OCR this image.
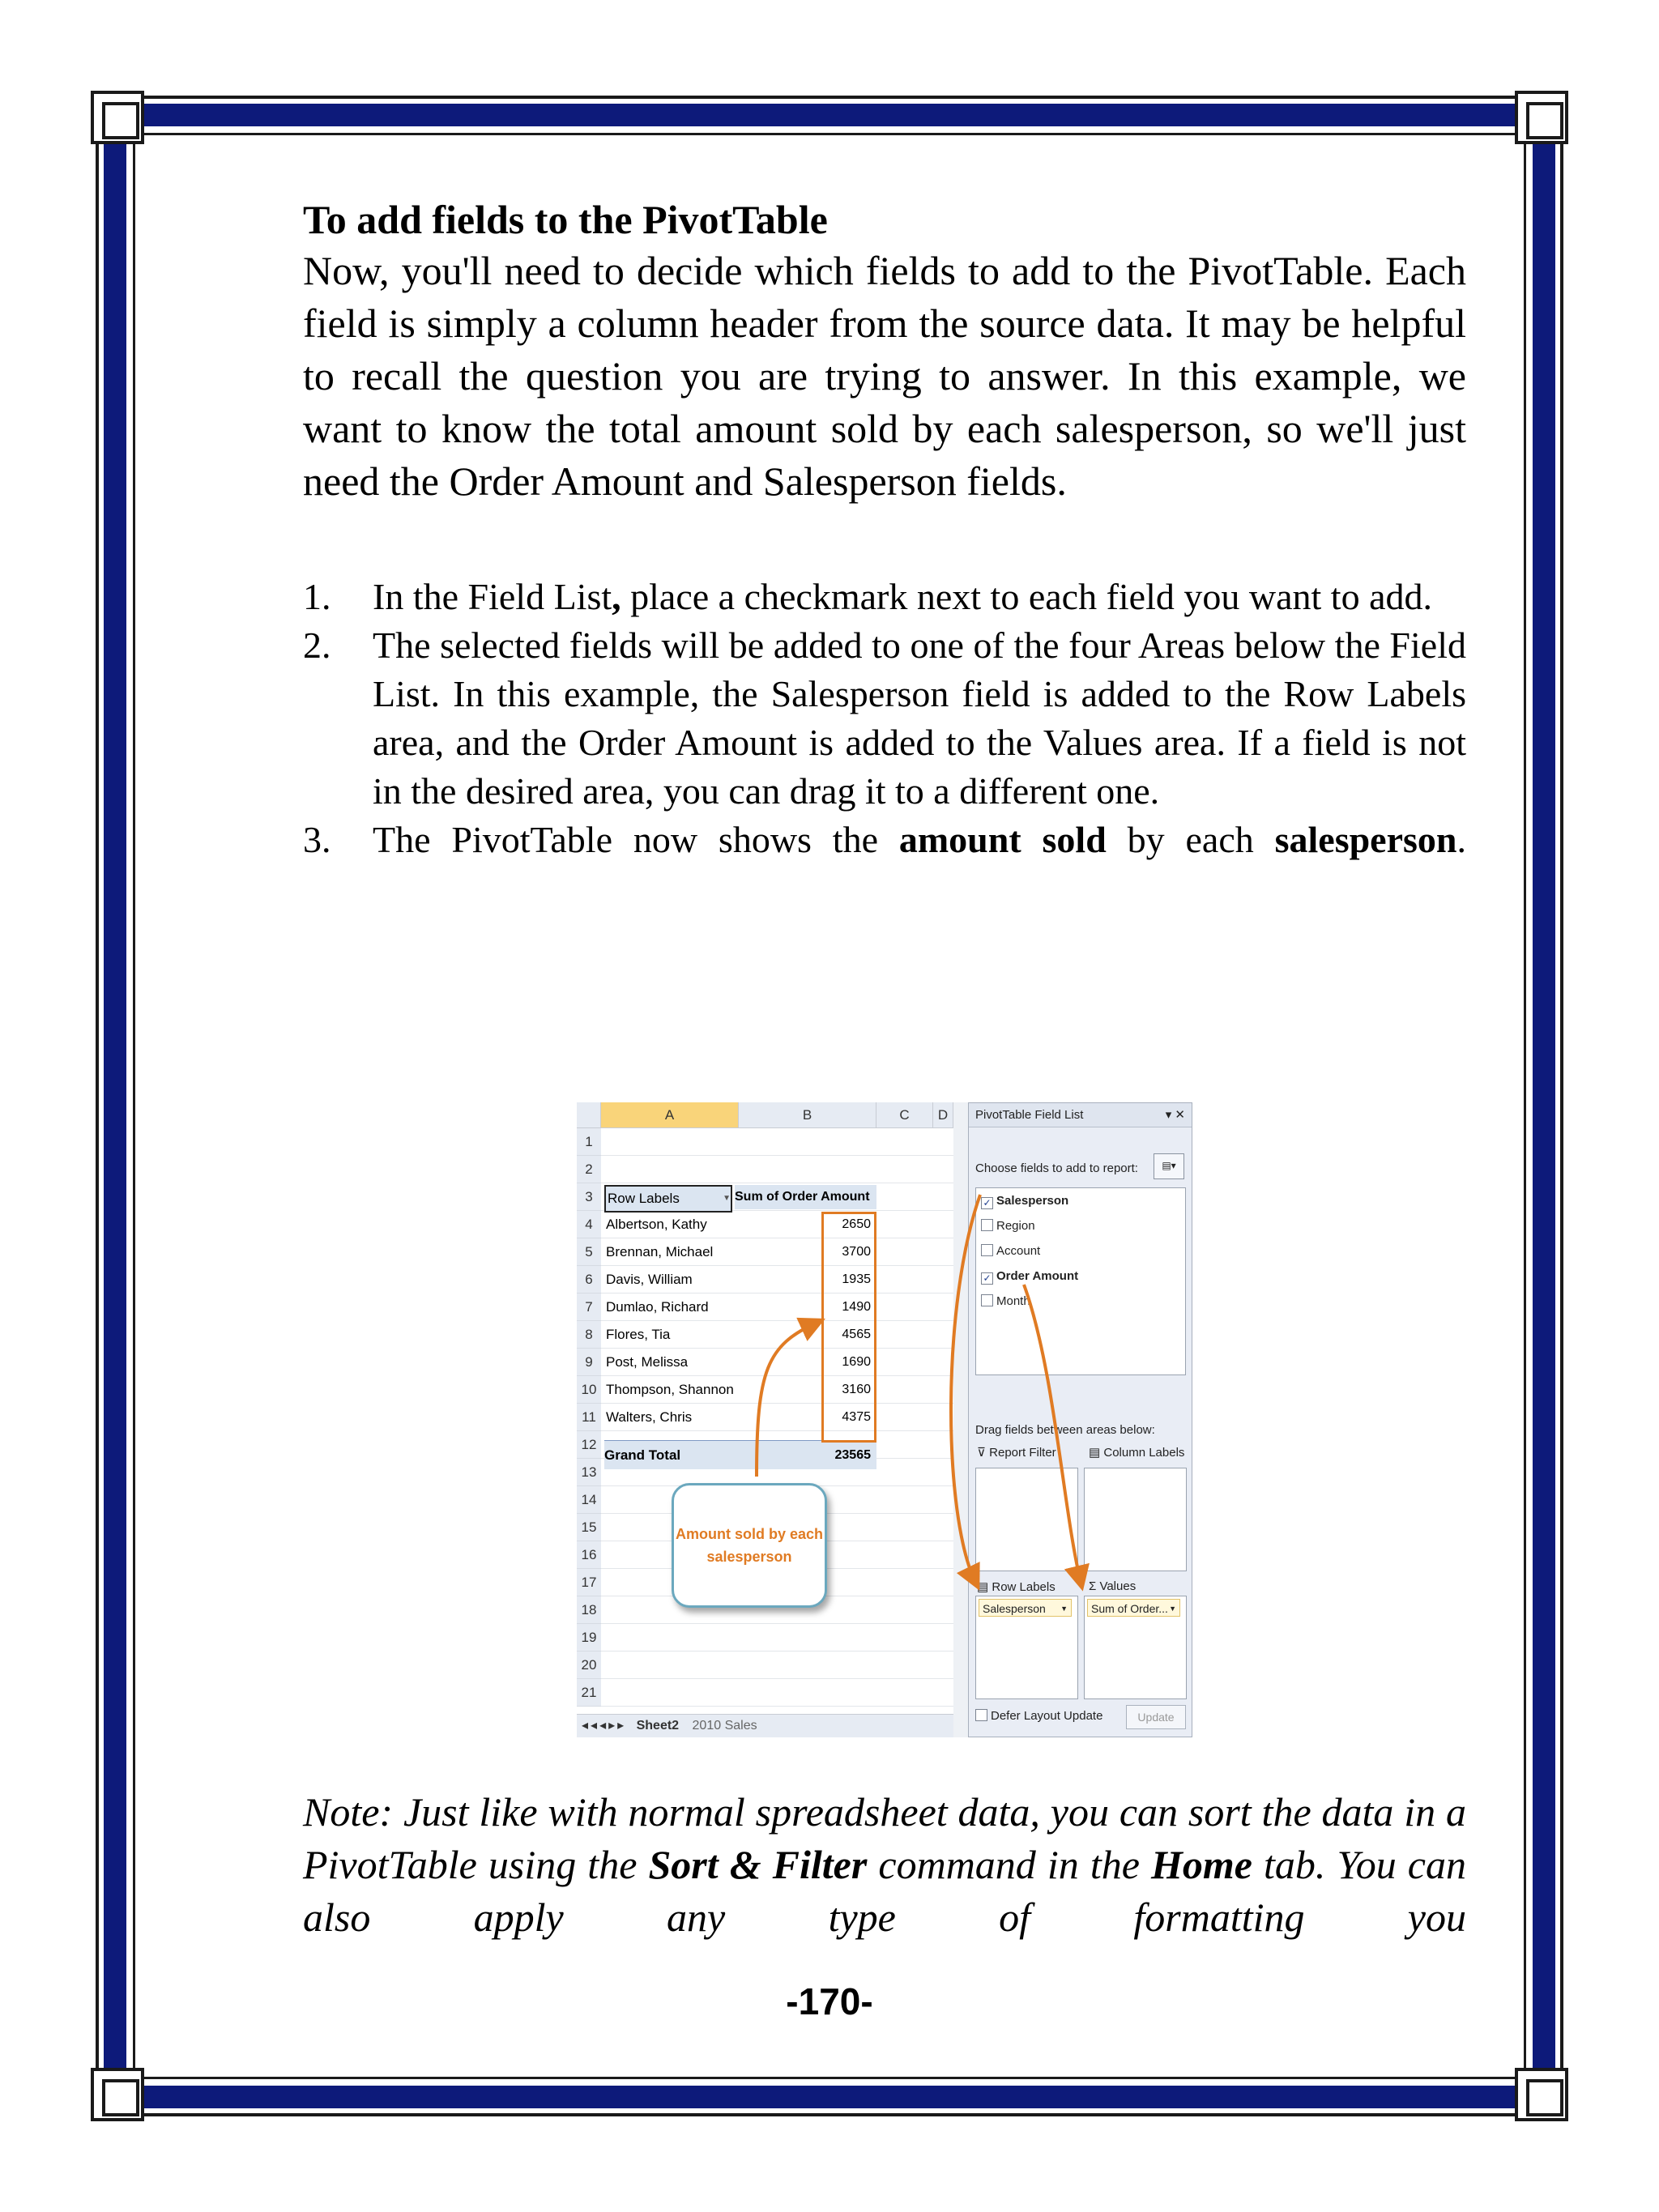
To add fields to the PivotTable

Now, you'll need to decide which fields to add to the PivotTable. Each field is simply a column header from the source data. It may be helpful to recall the question you are trying to answer. In this example, we want to know the total amount sold by each salesperson, so we'll just need the Order Amount and Salesperson fields.

1. In the Field List, place a checkmark next to each field you want to add.
2. The selected fields will be added to one of the four Areas below the Field List. In this example, the Salesperson field is added to the Row Labels area, and the Order Amount is added to the Values area. If a field is not in the desired area, you can drag it to a different one.
3. The PivotTable now shows the amount sold by each salesperson.
A	B	C	D
1
2
3
4
5
6
7
8
9
10
11
12
13
14
15
16
17
18
19
20
21
Row Labels	▼ Sum of Order Amount
Albertson, Kathy	2650
Brennan, Michael	3700
Davis, William	1935
Dumlao, Richard	1490
Flores, Tia	4565
Post, Melissa	1690
Thompson, Shannon	3160
Walters, Chris	4375
Grand Total	23565
Amount sold by each salesperson
◂◂◂▸▸ Sheet2 2010 Sales
PivotTable Field List	▾ ✕
Choose fields to add to report:	▤▾
✓ Salesperson
Region
Account
✓ Order Amount
Month
Drag fields between areas below:
⊽ Report Filter	▤ Column Labels
▤ Row Labels	Σ Values
Salesperson ▼	Sum of Order... ▼
Defer Layout Update	Update

Note: Just like with normal spreadsheet data, you can sort the data in a PivotTable using the Sort & Filter command in the Home tab. You can also apply any type of formatting you

-170-
